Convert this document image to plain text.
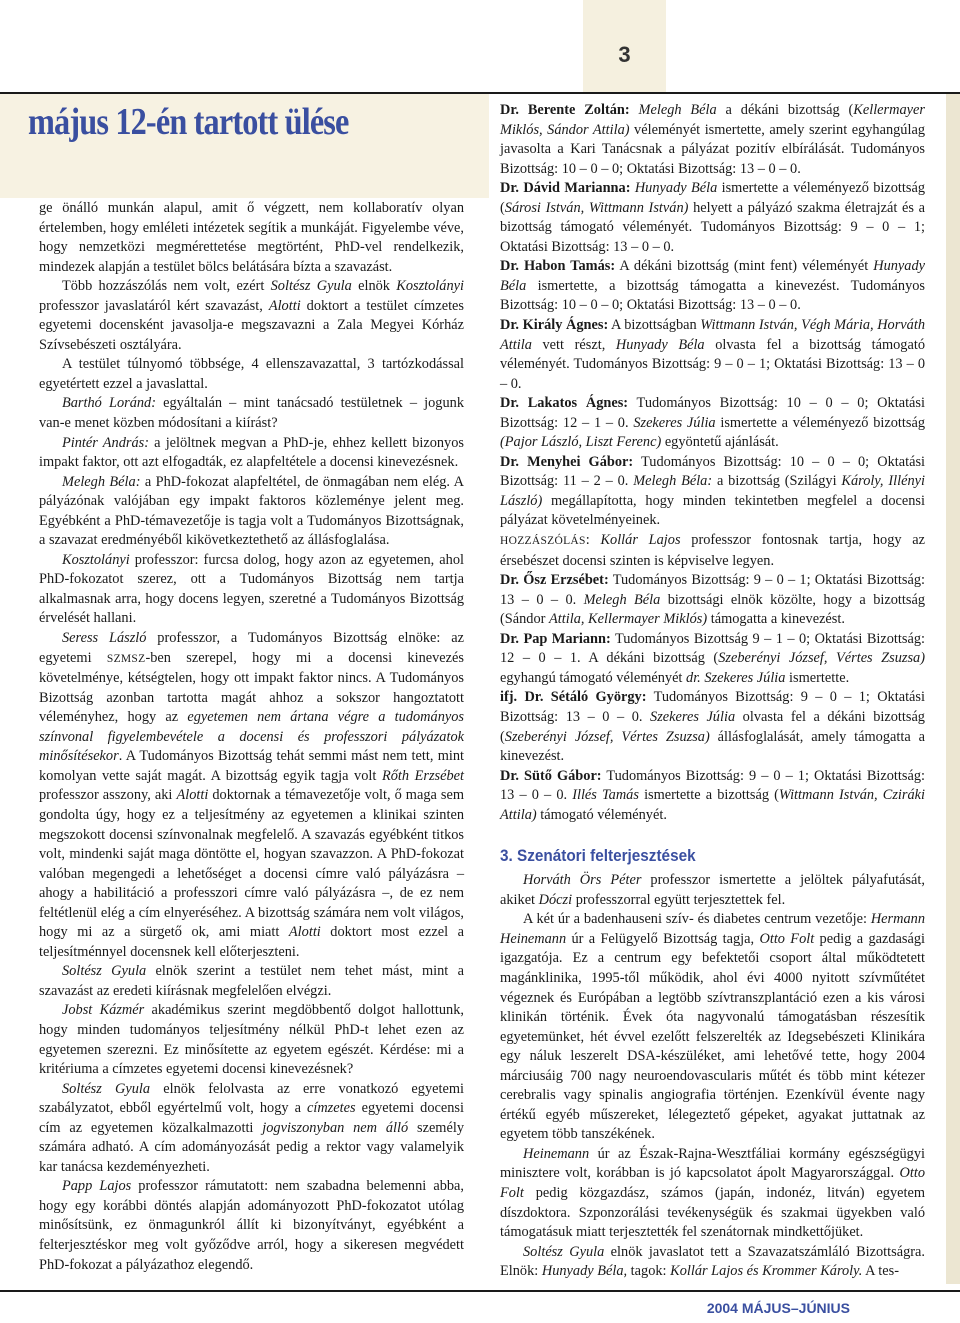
3
május 12-én tartott ülése

ge önálló munkán alapul, amit ő végzett, nem kollaboratív olyan értelemben, hogy emléleti intézetek segítik a munkáját. Figyelembe véve, hogy nemzetközi megmérettetése megtörtént, PhD-vel rendelkezik, mindezek alapján a testület bölcs belátására bízta a szavazást.

Több hozzászólás nem volt, ezért Soltész Gyula elnök Kosztolányi professzor javaslatáról kért szavazást, Alotti doktort a testület címzetes egyetemi docensként javasolja-e megszavazni a Zala Megyei Kórház Szívsebészeti osztályára.

A testület túlnyomó többsége, 4 ellenszavazattal, 3 tartózkodással egyetértett ezzel a javaslattal.

Barthó Loránd: egyáltalán – mint tanácsadó testületnek – jogunk van-e menet közben módosítani a kiírást?

Pintér András: a jelöltnek megvan a PhD-je, ehhez kellett bizonyos impakt faktor, ott azt elfogadták, ez alapfeltétele a docensi kinevezésnek.

Melegh Béla: a PhD-fokozat alapfeltétel, de önmagában nem elég. A pályázónak valójában egy impakt faktoros közleménye jelent meg. Egyébként a PhD-témavezetője is tagja volt a Tudományos Bizottságnak, a szavazat eredményéből kikövetkeztethető az állásfoglalása.

Kosztolányi professzor: furcsa dolog, hogy azon az egyetemen, ahol PhD-fokozatot szerez, ott a Tudományos Bizottság nem tartja alkalmasnak arra, hogy docens legyen, szeretné a Tudományos Bizottság érvelését hallani.

Seress László professzor, a Tudományos Bizottság elnöke: az egyetemi SZMSZ-ben szerepel, hogy mi a docensi kinevezés követelménye, kétségtelen, hogy ott impakt faktor nincs. A Tudományos Bizottság azonban tartotta magát ahhoz a sokszor hangoztatott véleményhez, hogy az egyetemen nem ártana végre a tudományos színvonal figyelembevétele a docensi és professzori pályázatok minősítésekor. A Tudományos Bizottság tehát semmi mást nem tett, mint komolyan vette saját magát. A bizottság egyik tagja volt Rőth Erzsébet professzor asszony, aki Alotti doktornak a témavezetője volt, ő maga sem gondolta úgy, hogy ez a teljesítmény az egyetemen a klinikai szinten megszokott docensi színvonalnak megfelelő. A szavazás egyébként titkos volt, mindenki saját maga döntötte el, hogyan szavazzon. A PhD-fokozat valóban megengedi a lehetőséget a docensi címre való pályázásra – ahogy a habilitáció a professzori címre való pályázásra –, de ez nem feltétlenül elég a cím elnyeréséhez. A bizottság számára nem volt világos, hogy mi az a sürgető ok, ami miatt Alotti doktort most ezzel a teljesítménnyel docensnek kell előterjeszteni.

Soltész Gyula elnök szerint a testület nem tehet mást, mint a szavazást az eredeti kiírásnak megfelelően elvégzi.

Jobst Kázmér akadémikus szerint megdöbbentő dolgot hallottunk, hogy minden tudományos teljesítmény nélkül PhD-t lehet ezen az egyetemen szerezni. Ez minősítette az egyetem egészét. Kérdése: mi a kritériuma a címzetes egyetemi docensi kinevezésnek?

Soltész Gyula elnök felolvasta az erre vonatkozó egyetemi szabályzatot, ebből egyértelmű volt, hogy a címzetes egyetemi docensi cím az egyetemen közalkalmazotti jogviszonyban nem álló személy számára adható. A cím adományozását pedig a rektor vagy valamelyik kar tanácsa kezdeményezheti.

Papp Lajos professzor rámutatott: nem szabadna belemenni abba, hogy egy korábbi döntés alapján adományozott PhD-fokozatot utólag minősítsünk, ez önmagunkról állít ki bizonyítványt, egyébként a felterjesztéskor meg volt győződve arról, hogy a sikeresen megvédett PhD-fokozat a pályázathoz elegendő.

Dr. Berente Zoltán: Melegh Béla a dékáni bizottság (Kellermayer Miklós, Sándor Attila) véleményét ismertette, amely szerint egyhangúlag javasolta a Kari Tanácsnak a pályázat pozitív elbírálását. Tudományos Bizottság: 10 – 0 – 0; Oktatási Bizottság: 13 – 0 – 0.

Dr. Dávid Marianna: Hunyady Béla ismertette a véleményező bizottság (Sárosi István, Wittmann István) helyett a pályázó szakma életrajzát és a bizottság támogató véleményét. Tudományos Bizottság: 9 – 0 – 1; Oktatási Bizottság: 13 – 0 – 0.

Dr. Habon Tamás: A dékáni bizottság (mint fent) véleményét Hunyady Béla ismertette, a bizottság támogatta a kinevezést. Tudományos Bizottság: 10 – 0 – 0; Oktatási Bizottság: 13 – 0 – 0.

Dr. Király Ágnes: A bizottságban Wittmann István, Végh Mária, Horváth Attila vett részt, Hunyady Béla olvasta fel a bizottság támogató véleményét. Tudományos Bizottság: 9 – 0 – 1; Oktatási Bizottság: 13 – 0 – 0.

Dr. Lakatos Ágnes: Tudományos Bizottság: 10 – 0 – 0; Oktatási Bizottság: 12 – 1 – 0. Szekeres Júlia ismertette a véleményező bizottság (Pajor László, Liszt Ferenc) egyöntetű ajánlását.

Dr. Menyhei Gábor: Tudományos Bizottság: 10 – 0 – 0; Oktatási Bizottság: 11 – 2 – 0. Melegh Béla: a bizottság (Szilágyi Károly, Illényi László) megállapította, hogy minden tekintetben megfelel a docensi pályázat követelményeinek.

HOZZÁSZÓLÁS: Kollár Lajos professzor fontosnak tartja, hogy az érsebészet docensi szinten is képviselve legyen.

Dr. Ősz Erzsébet: Tudományos Bizottság: 9 – 0 – 1; Oktatási Bizottság: 13 – 0 – 0. Melegh Béla bizottsági elnök közölte, hogy a bizottság (Sándor Attila, Kellermayer Miklós) támogatta a kinevezést.

Dr. Pap Mariann: Tudományos Bizottság 9 – 1 – 0; Oktatási Bizottság: 12 – 0 – 1. A dékáni bizottság (Szeberényi József, Vértes Zsuzsa) egyhangú támogató véleményét dr. Szekeres Júlia ismertette.

ifj. Dr. Sétáló György: Tudományos Bizottság: 9 – 0 – 1; Oktatási Bizottság: 13 – 0 – 0. Szekeres Júlia olvasta fel a dékáni bizottság (Szeberényi József, Vértes Zsuzsa) állásfoglalását, amely támogatta a kinevezést.

Dr. Sütő Gábor: Tudományos Bizottság: 9 – 0 – 1; Oktatási Bizottság: 13 – 0 – 0. Illés Tamás ismertette a bizottság (Wittmann István, Cziráki Attila) támogató véleményét.

3. Szenátori felterjesztések

Horváth Örs Péter professzor ismertette a jelöltek pályafutását, akiket Dóczi professzorral együtt terjesztettek fel.

A két úr a badenhauseni szív- és diabetes centrum vezetője: Hermann Heinemann úr a Felügyelő Bizottság tagja, Otto Folt pedig a gazdasági igazgatója. Ez a centrum egy befektetői csoport által működtetett magánklinika, 1995-től működik, ahol évi 4000 nyitott szívműtétet végeznek és Európában a legtöbb szívtranszplantáció ezen a kis városi klinikán történik. Évek óta nagyvonalú támogatásban részesítik egyetemünket, hét évvel ezelőtt felszerelték az Idegsebészeti Klinikára egy náluk leszerelt DSA-készüléket, ami lehetővé tette, hogy 2004 márciusáig 700 nagy neuroendovascularis műtét és több mint kétezer cerebralis vagy spinalis angiografia történjen. Ezenkívül évente nagy értékű egyéb műszereket, lélegeztető gépeket, agyakat juttatnak az egyetem több tanszékének.

Heinemann úr az Észak-Rajna-Wesztfáliai kormány egészségügyi minisztere volt, korábban is jó kapcsolatot ápolt Magyarországgal. Otto Folt pedig közgazdász, számos (japán, indonéz, litván) egyetem díszdoktora. Szponzorálási tevékenységük és szakmai ügyekben való támogatásuk miatt terjesztették fel szenátornak mindkettőjüket.

Soltész Gyula elnök javaslatot tett a Szavazatszámláló Bizottságra. Elnök: Hunyady Béla, tagok: Kollár Lajos és Krommer Károly. A tes-

2004 MÁJUS–JÚNIUS
